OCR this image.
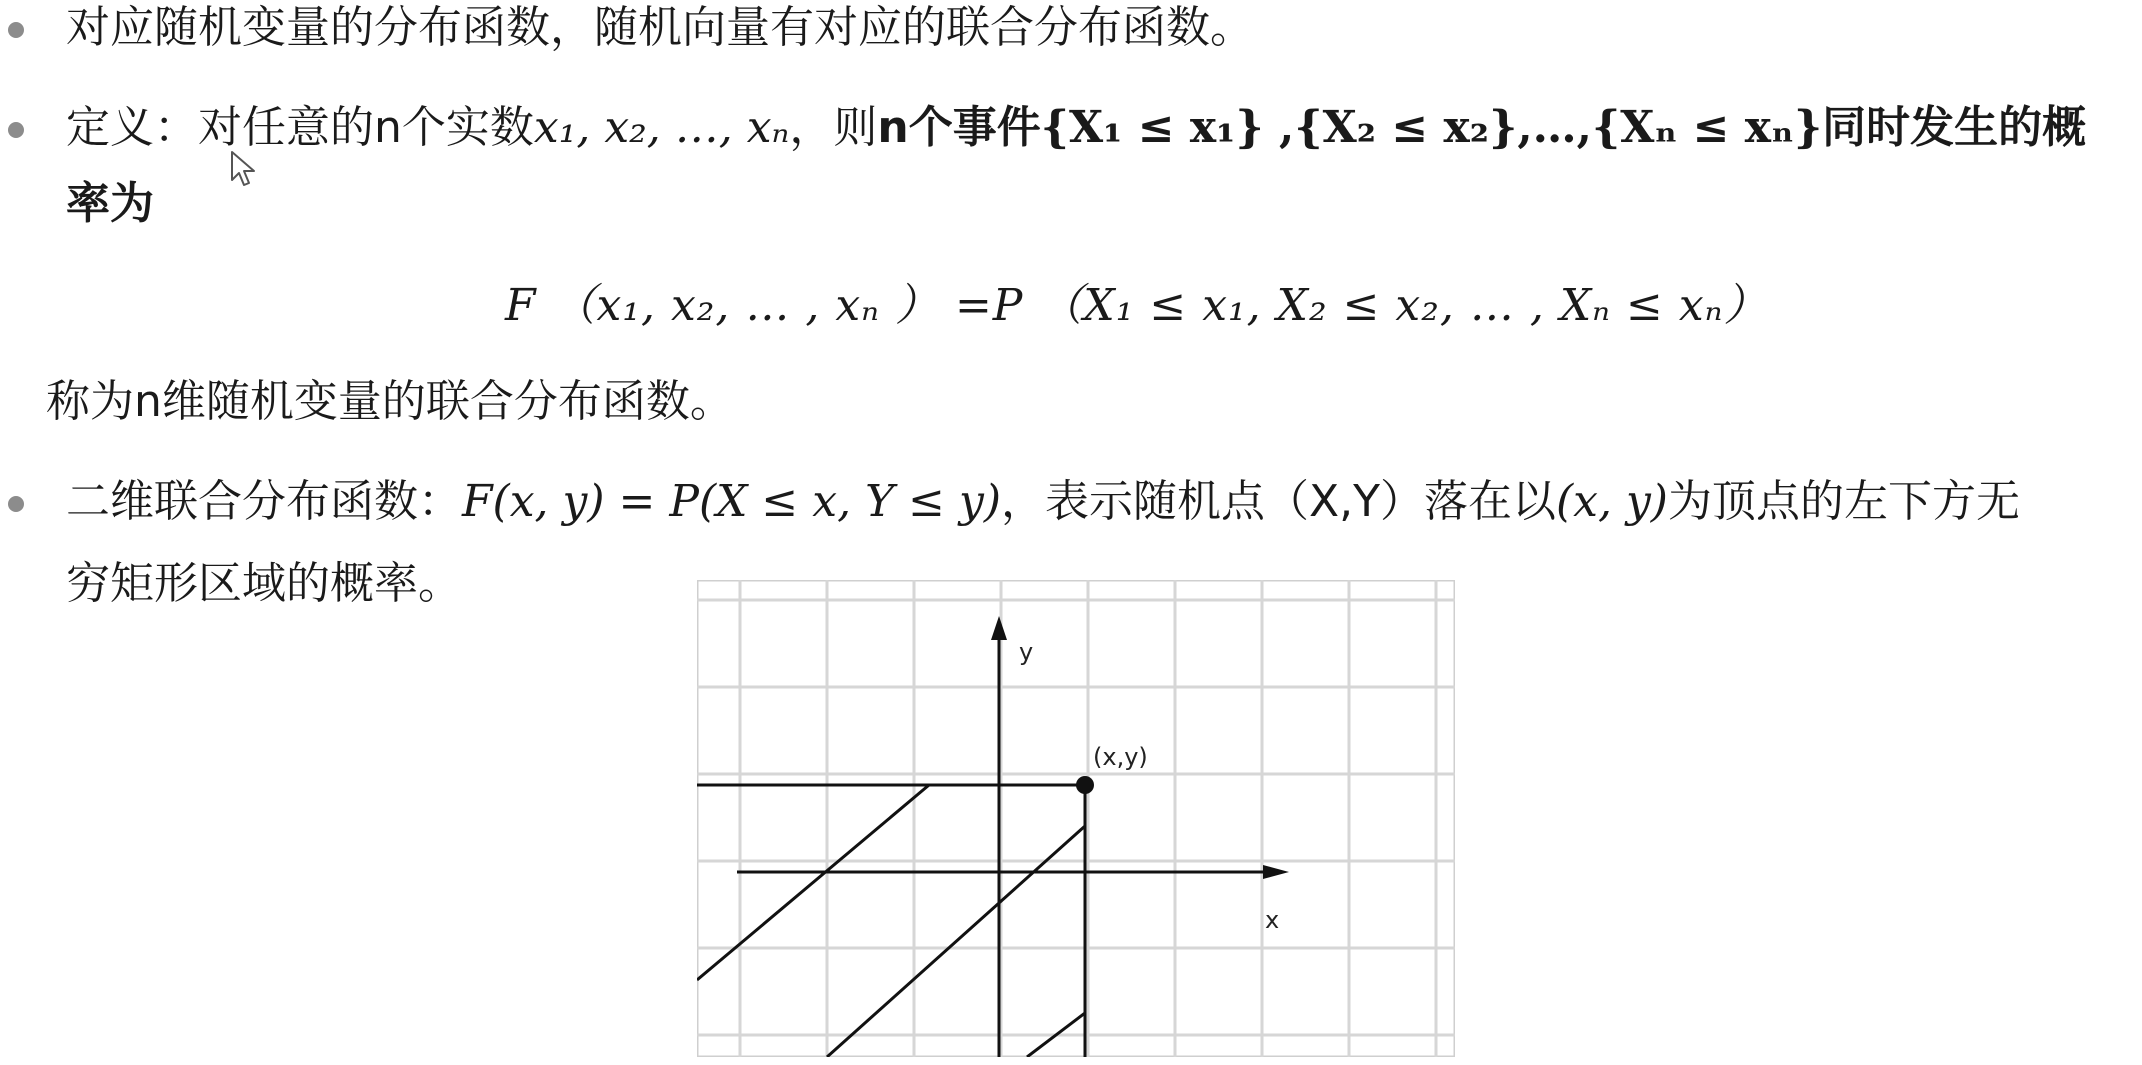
对应随机变量的分布函数，随机向量有对应的联合分布函数。
定义：对任意的n个实数x₁, x₂, …, xₙ，则n个事件{X₁ ≤ x₁} ,{X₂ ≤ x₂},…,{Xₙ ≤ xₙ}同时发生的概
率为
F （x₁, x₂, … , xₙ ） =P （X₁ ≤ x₁, X₂ ≤ x₂, … , Xₙ ≤ xₙ）
称为n维随机变量的联合分布函数。
二维联合分布函数：F(x, y) = P(X ≤ x, Y ≤ y)，表示随机点（X,Y）落在以(x, y)为顶点的左下方无
穷矩形区域的概率。
y
x
(x,y)
